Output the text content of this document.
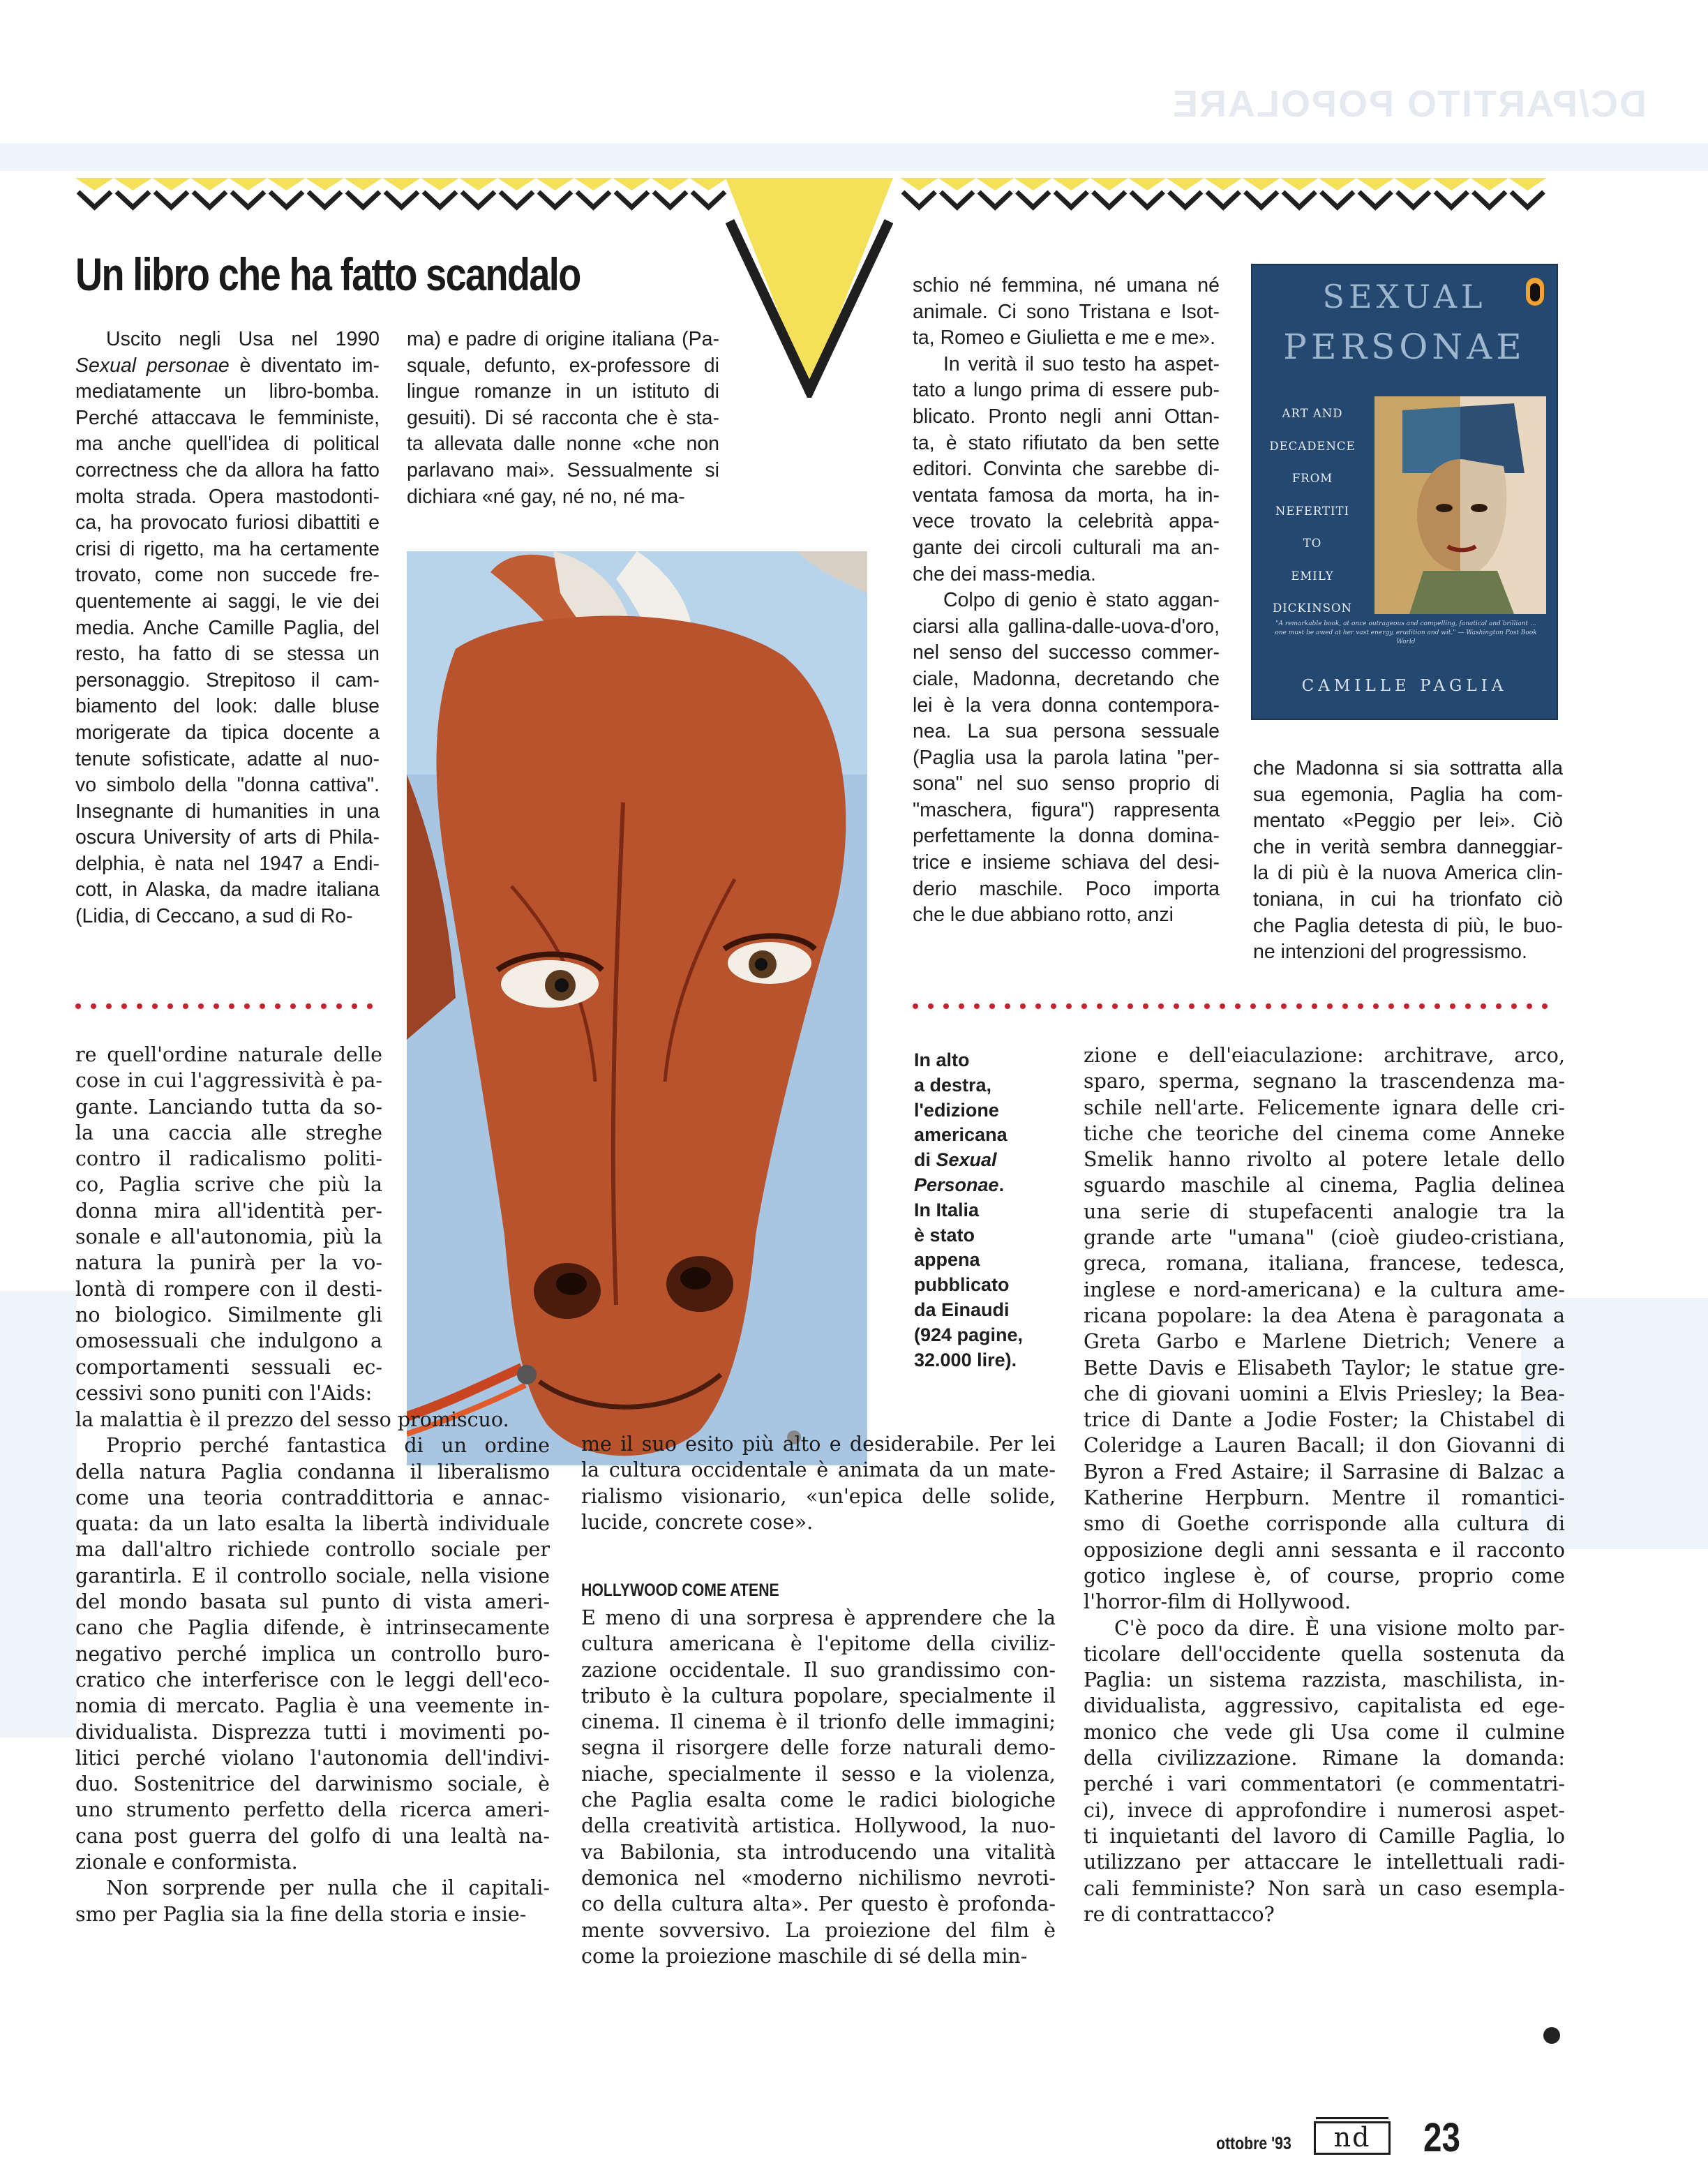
DC/PARTITO POPOLARE
Un libro che ha fatto scandalo
Uscito negli Usa nel 1990
Sexual personae è diventato im-
mediatamente un libro-bomba.
Perché attaccava le femministe,
ma anche quell'idea di political
correctness che da allora ha fatto
molta strada. Opera mastodonti-
ca, ha provocato furiosi dibattiti e
crisi di rigetto, ma ha certamente
trovato, come non succede fre-
quentemente ai saggi, le vie dei
media. Anche Camille Paglia, del
resto, ha fatto di se stessa un
personaggio. Strepitoso il cam-
biamento del look: dalle bluse
morigerate da tipica docente a
tenute sofisticate, adatte al nuo-
vo simbolo della "donna cattiva".
Insegnante di humanities in una
oscura University of arts di Phila-
delphia, è nata nel 1947 a Endi-
cott, in Alaska, da madre italiana
(Lidia, di Ceccano, a sud di Ro-
ma) e padre di origine italiana (Pa-
squale, defunto, ex-professore di
lingue romanze in un istituto di
gesuiti). Di sé racconta che è sta-
ta allevata dalle nonne «che non
parlavano mai». Sessualmente si
dichiara «né gay, né no, né ma-
schio né femmina, né umana né
animale. Ci sono Tristana e Isot-
ta, Romeo e Giulietta e me e me».
In verità il suo testo ha aspet-
tato a lungo prima di essere pub-
blicato. Pronto negli anni Ottan-
ta, è stato rifiutato da ben sette
editori. Convinta che sarebbe di-
ventata famosa da morta, ha in-
vece trovato la celebrità appa-
gante dei circoli culturali ma an-
che dei mass-media.
Colpo di genio è stato aggan-
ciarsi alla gallina-dalle-uova-d'oro,
nel senso del successo commer-
ciale, Madonna, decretando che
lei è la vera donna contempora-
nea. La sua persona sessuale
(Paglia usa la parola latina "per-
sona" nel suo senso proprio di
"maschera, figura") rappresenta
perfettamente la donna domina-
trice e insieme schiava del desi-
derio maschile. Poco importa
che le due abbiano rotto, anzi
che Madonna si sia sottratta alla
sua egemonia, Paglia ha com-
mentato «Peggio per lei». Ciò
che in verità sembra danneggiar-
la di più è la nuova America clin-
toniana, in cui ha trionfato ciò
che Paglia detesta di più, le buo-
ne intenzioni del progressismo.
SEXUAL
PERSONAE
ART AND
DECADENCE
FROM
NEFERTITI
TO
EMILY
DICKINSON
"A remarkable book, at once outrageous and compelling, fanatical and brilliant ... one must be awed at her vast energy, erudition and wit." — Washington Post Book World
CAMILLE PAGLIA
In alto
a destra,
l'edizione
americana
di Sexual
Personae.
In Italia
è stato
appena
pubblicato
da Einaudi
(924 pagine,
32.000 lire).
re quell'ordine naturale delle
cose in cui l'aggressività è pa-
gante. Lanciando tutta da so-
la una caccia alle streghe
contro il radicalismo politi-
co, Paglia scrive che più la
donna mira all'identità per-
sonale e all'autonomia, più la
natura la punirà per la vo-
lontà di rompere con il desti-
no biologico. Similmente gli
omosessuali che indulgono a
comportamenti sessuali ec-
cessivi sono puniti con l'Aids:
la malattia è il prezzo del sesso promiscuo.
Proprio perché fantastica di un ordine
della natura Paglia condanna il liberalismo
come una teoria contraddittoria e annac-
quata: da un lato esalta la libertà individuale
ma dall'altro richiede controllo sociale per
garantirla. E il controllo sociale, nella visione
del mondo basata sul punto di vista ameri-
cano che Paglia difende, è intrinsecamente
negativo perché implica un controllo buro-
cratico che interferisce con le leggi dell'eco-
nomia di mercato. Paglia è una veemente in-
dividualista. Disprezza tutti i movimenti po-
litici perché violano l'autonomia dell'indivi-
duo. Sostenitrice del darwinismo sociale, è
uno strumento perfetto della ricerca ameri-
cana post guerra del golfo di una lealtà na-
zionale e conformista.
Non sorprende per nulla che il capitali-
smo per Paglia sia la fine della storia e insie-
me il suo esito più alto e desiderabile. Per lei
la cultura occidentale è animata da un mate-
rialismo visionario, «un'epica delle solide,
lucide, concrete cose».
HOLLYWOOD COME ATENE
E meno di una sorpresa è apprendere che la
cultura americana è l'epitome della civiliz-
zazione occidentale. Il suo grandissimo con-
tributo è la cultura popolare, specialmente il
cinema. Il cinema è il trionfo delle immagini;
segna il risorgere delle forze naturali demo-
niache, specialmente il sesso e la violenza,
che Paglia esalta come le radici biologiche
della creatività artistica. Hollywood, la nuo-
va Babilonia, sta introducendo una vitalità
demonica nel «moderno nichilismo nevroti-
co della cultura alta». Per questo è profonda-
mente sovversivo. La proiezione del film è
come la proiezione maschile di sé della min-
zione e dell'eiaculazione: architrave, arco,
sparo, sperma, segnano la trascendenza ma-
schile nell'arte. Felicemente ignara delle cri-
tiche che teoriche del cinema come Anneke
Smelik hanno rivolto al potere letale dello
sguardo maschile al cinema, Paglia delinea
una serie di stupefacenti analogie tra la
grande arte "umana" (cioè giudeo-cristiana,
greca, romana, italiana, francese, tedesca,
inglese e nord-americana) e la cultura ame-
ricana popolare: la dea Atena è paragonata a
Greta Garbo e Marlene Dietrich; Venere a
Bette Davis e Elisabeth Taylor; le statue gre-
che di giovani uomini a Elvis Priesley; la Bea-
trice di Dante a Jodie Foster; la Chistabel di
Coleridge a Lauren Bacall; il don Giovanni di
Byron a Fred Astaire; il Sarrasine di Balzac a
Katherine Herpburn. Mentre il romantici-
smo di Goethe corrisponde alla cultura di
opposizione degli anni sessanta e il racconto
gotico inglese è, of course, proprio come
l'horror-film di Hollywood.
C'è poco da dire. È una visione molto par-
ticolare dell'occidente quella sostenuta da
Paglia: un sistema razzista, maschilista, in-
dividualista, aggressivo, capitalista ed ege-
monico che vede gli Usa come il culmine
della civilizzazione. Rimane la domanda:
perché i vari commentatori (e commentatri-
ci), invece di approfondire i numerosi aspet-
ti inquietanti del lavoro di Camille Paglia, lo
utilizzano per attaccare le intellettuali radi-
cali femministe? Non sarà un caso esempla-
re di contrattacco?
ottobre '93	nd	23
